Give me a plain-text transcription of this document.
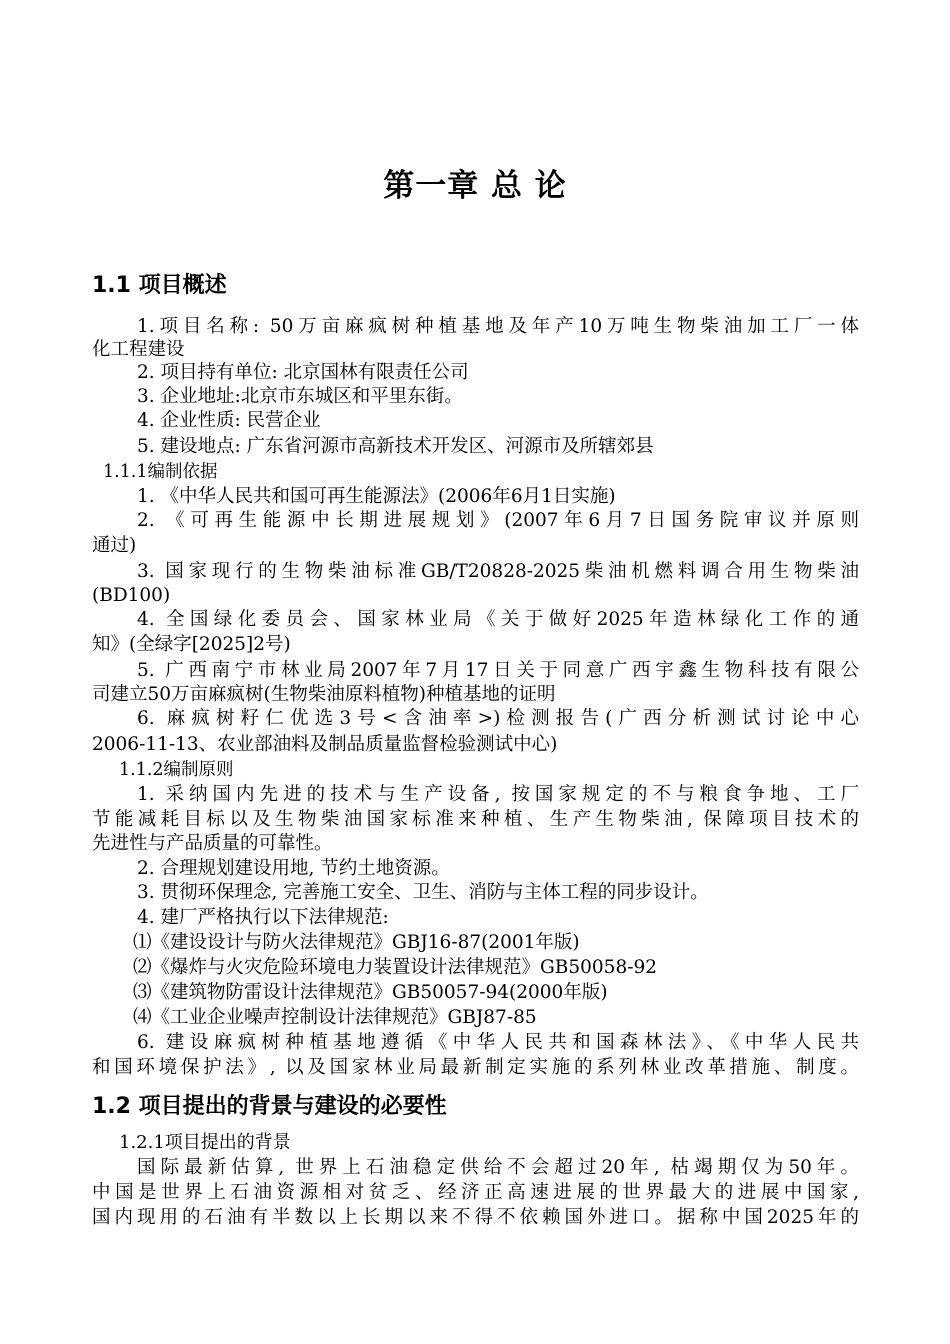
第一章 总 论
1.1 项目概述
1.项目名称: 50万亩麻疯树种植基地及年产10万吨生物柴油加工厂一体
化工程建设
2. 项目持有单位: 北京国林有限责任公司
3. 企业地址:北京市东城区和平里东街。
4. 企业性质: 民营企业
5. 建设地点: 广东省河源市高新技术开发区、河源市及所辖郊县
1.1.1编制依据
1. 《中华人民共和国可再生能源法》(2006年6月1日实施)
2. 《可再生能源中长期进展规划》(2007年6月7日国务院审议并原则
通过)
3. 国家现行的生物柴油标准GB/T20828-2025柴油机燃料调合用生物柴油
(BD100)
4. 全国绿化委员会、国家林业局《关于做好2025年造林绿化工作的通
知》(全绿字[2025]2号)
5. 广西南宁市林业局2007年7月17日关于同意广西宇鑫生物科技有限公
司建立50万亩麻疯树(生物柴油原料植物)种植基地的证明
6. 麻疯树籽仁优选3号<含油率>)检测报告(广西分析测试讨论中心
2006-11-13、农业部油料及制品质量监督检验测试中心)
1.1.2编制原则
1. 采纳国内先进的技术与生产设备, 按国家规定的不与粮食争地、工厂
节能减耗目标以及生物柴油国家标准来种植、生产生物柴油, 保障项目技术的
先进性与产品质量的可靠性。
2. 合理规划建设用地, 节约土地资源。
3. 贯彻环保理念, 完善施工安全、卫生、消防与主体工程的同步设计。
4. 建厂严格执行以下法律规范:
⑴《建设设计与防火法律规范》GBJ16-87(2001年版)
⑵《爆炸与火灾危险环境电力装置设计法律规范》GB50058-92
⑶《建筑物防雷设计法律规范》GB50057-94(2000年版)
⑷《工业企业噪声控制设计法律规范》GBJ87-85
6. 建设麻疯树种植基地遵循《中华人民共和国森林法》、《中华人民共
和国环境保护法》, 以及国家林业局最新制定实施的系列林业改革措施、制度。
1.2 项目提出的背景与建设的必要性
1.2.1项目提出的背景
国际最新估算, 世界上石油稳定供给不会超过20年, 枯竭期仅为50年。
中国是世界上石油资源相对贫乏、经济正高速进展的世界最大的进展中国家,
国内现用的石油有半数以上长期以来不得不依赖国外进口。据称中国2025年的
